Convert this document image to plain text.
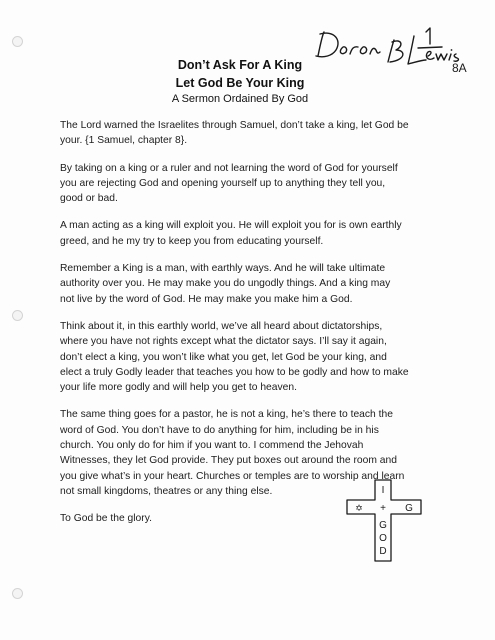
8A
Don’t Ask For A King
Let God Be Your King
A Sermon Ordained By God
The Lord warned the Israelites through Samuel, don’t take a king, let God be
your. {1 Samuel, chapter 8}.
By taking on a king or a ruler and not learning the word of God for yourself
you are rejecting God and opening yourself up to anything they tell you,
good or bad.
A man acting as a king will exploit you. He will exploit you for is own earthly
greed, and he my try to keep you from educating yourself.
Remember a King is a man, with earthly ways. And he will take ultimate
authority over you. He may make you do ungodly things. And a king may
not live by the word of God. He may make you make him a God.
Think about it, in this earthly world, we’ve all heard about dictatorships,
where you have not rights except what the dictator says. I’ll say it again,
don’t elect a king, you won’t like what you get, let God be your king, and
elect a truly Godly leader that teaches you how to be godly and how to make
your life more godly and will help you get to heaven.
The same thing goes for a pastor, he is not a king, he’s there to teach the
word of God. You don’t have to do anything for him, including be in his
church. You only do for him if you want to. I commend the Jehovah
Witnesses, they let God provide. They put boxes out around the room and
you give what’s in your heart. Churches or temples are to worship and learn
not small kingdoms, theatres or any thing else.
To God be the glory.
I
✡ + G
G
O
D
